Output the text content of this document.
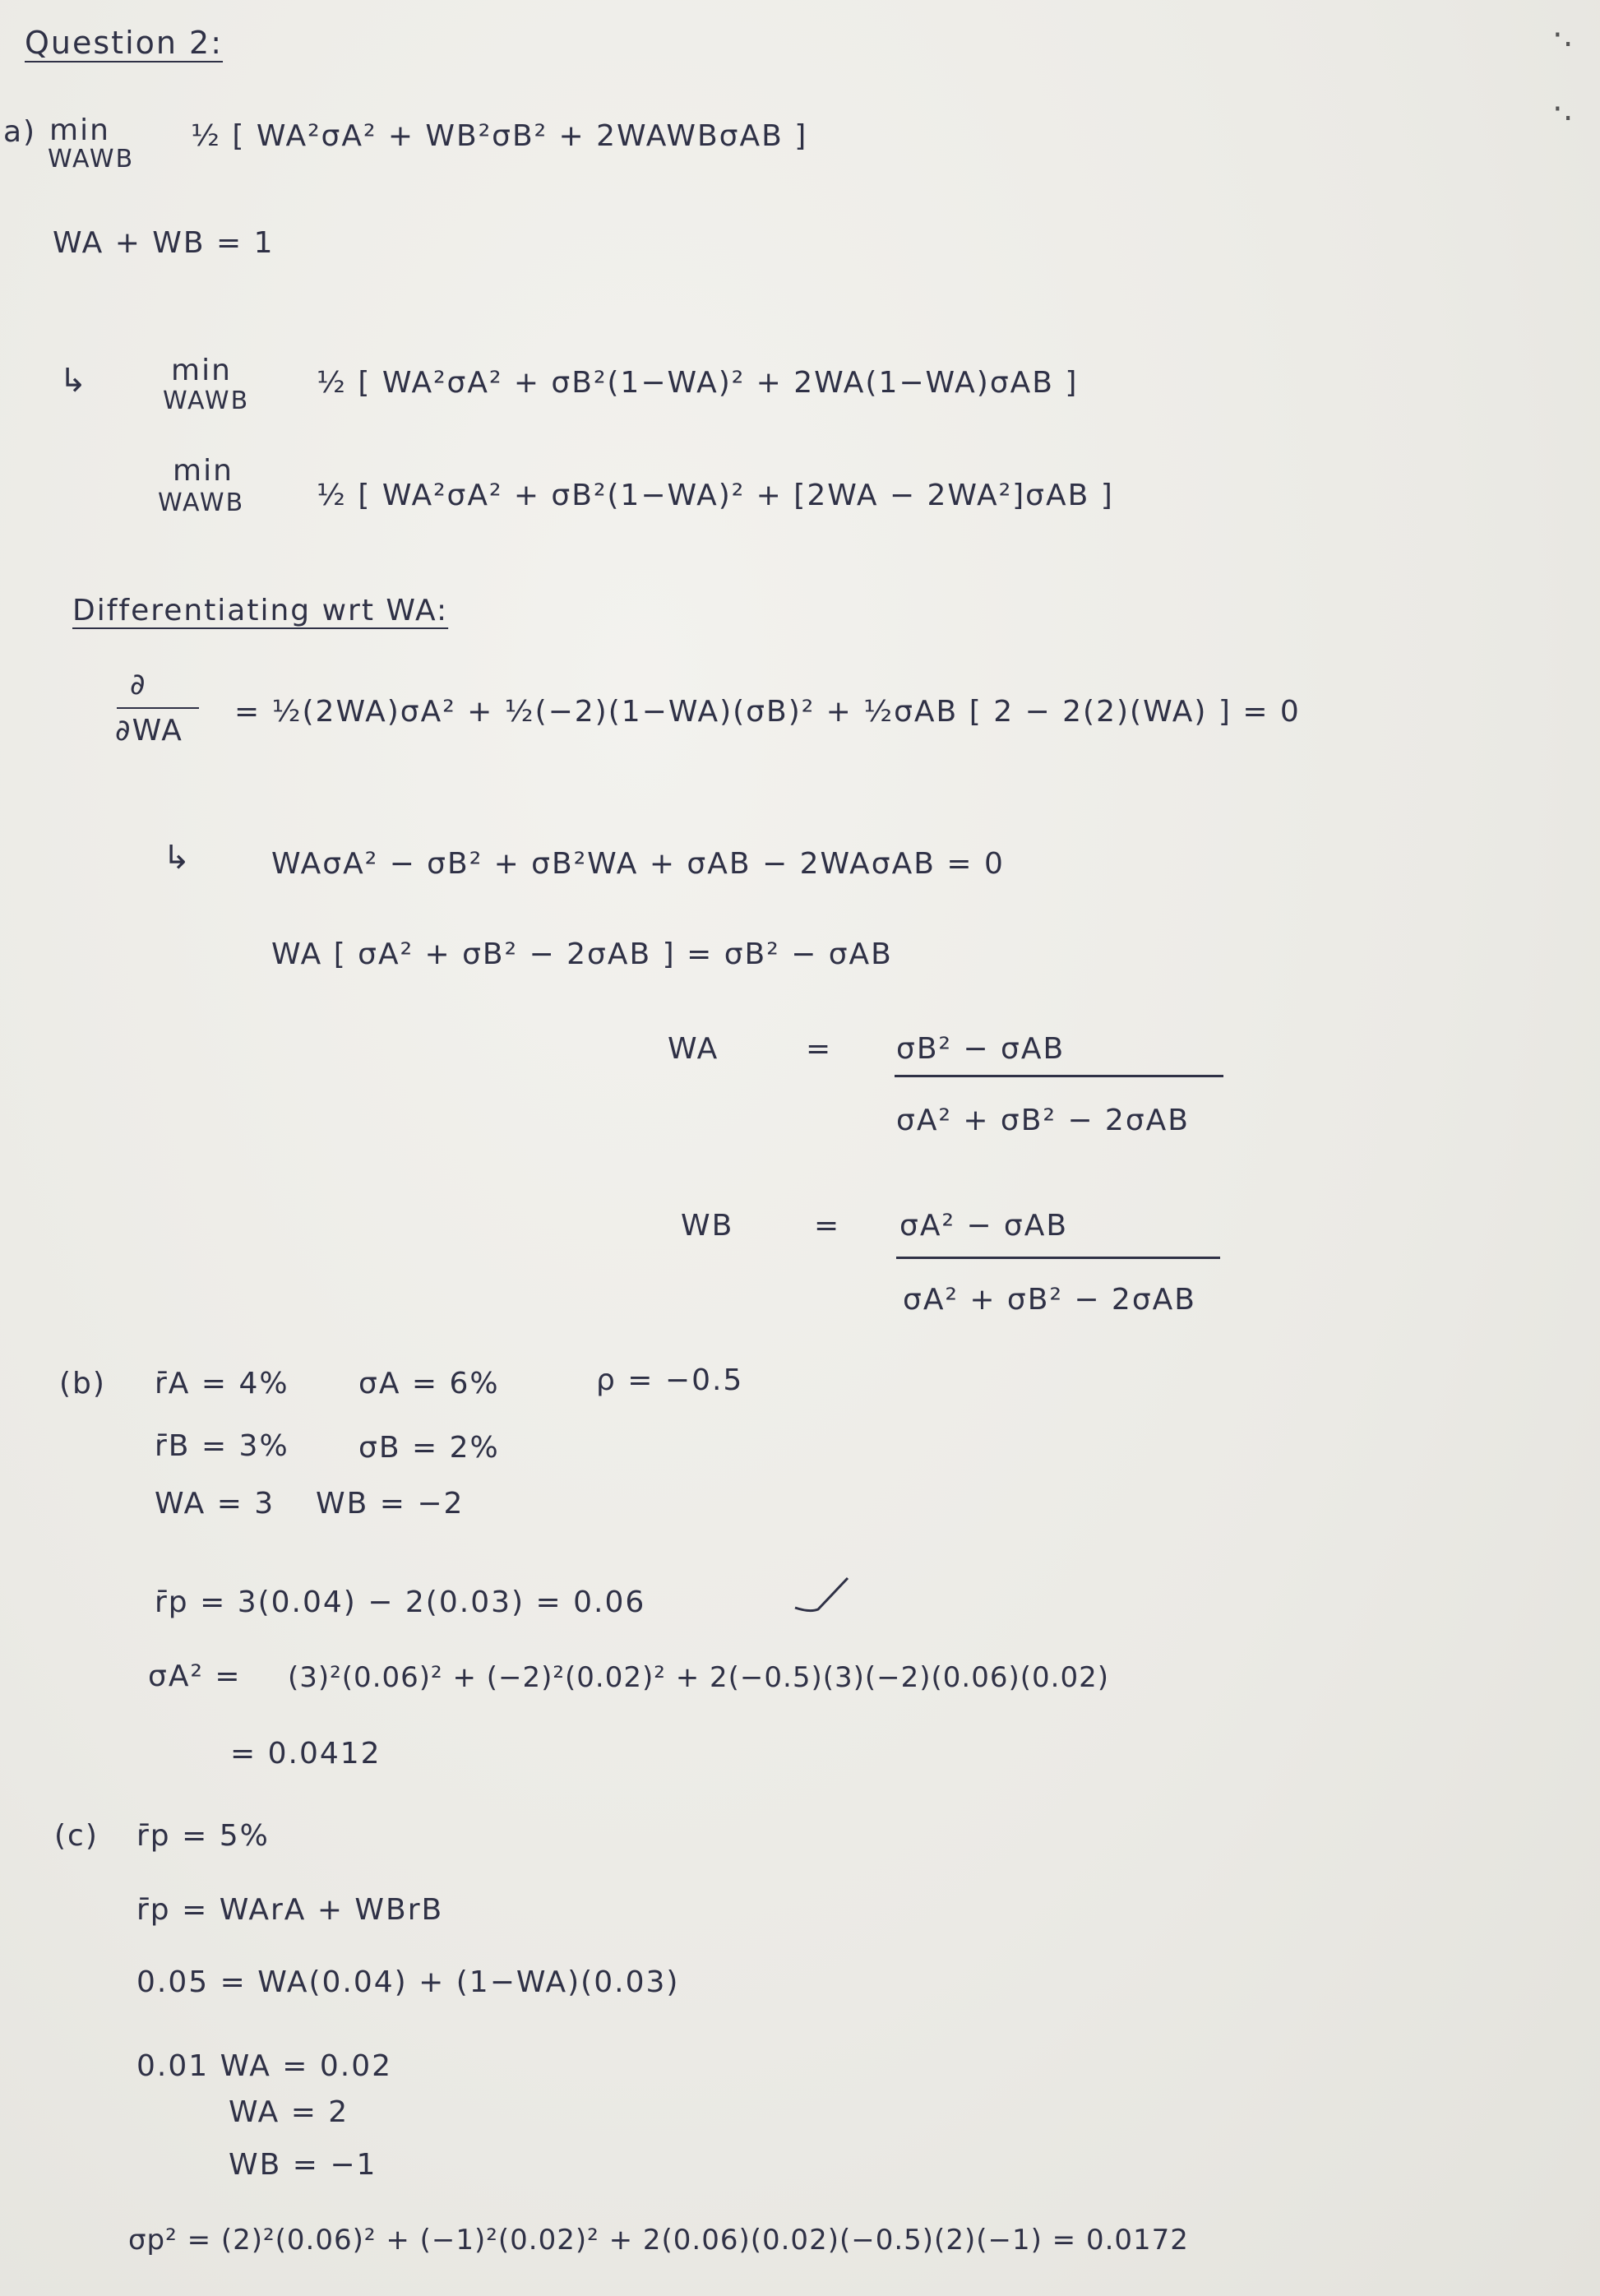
·.
·.
Question 2:
a) min
WAWB
½ [ WA²σA² + WB²σB² + 2WAWBσAB ]
WA + WB = 1
↳	min
WAWB
½ [ WA²σA² + σB²(1−WA)² + 2WA(1−WA)σAB ]
min
WAWB ½ [ WA²σA² + σB²(1−WA)² + [2WA − 2WA²]σAB ]
Differentiating wrt WA:
∂
∂WA
= ½(2WA)σA² + ½(−2)(1−WA)(σB)² + ½σAB [ 2 − 2(2)(WA) ] = 0
↳	WAσA² − σB² + σB²WA + σAB − 2WAσAB = 0
WA [ σA² + σB² − 2σAB ] = σB² − σAB
WA	= σB² − σAB
σA² + σB² − 2σAB
WB	= σA² − σAB
σA² + σB² − 2σAB
(b) r̄A = 4% σA = 6%	ρ = −0.5
r̄B = 3% σB = 2%
WA = 3 WB = −2
r̄p = 3(0.04) − 2(0.03) = 0.06
σA² = (3)²(0.06)² + (−2)²(0.02)² + 2(−0.5)(3)(−2)(0.06)(0.02)
= 0.0412
(c) r̄p = 5%
r̄p = WArA + WBrB
0.05 = WA(0.04) + (1−WA)(0.03)
0.01 WA = 0.02
WA = 2
WB = −1
σp² = (2)²(0.06)² + (−1)²(0.02)² + 2(0.06)(0.02)(−0.5)(2)(−1) = 0.0172
